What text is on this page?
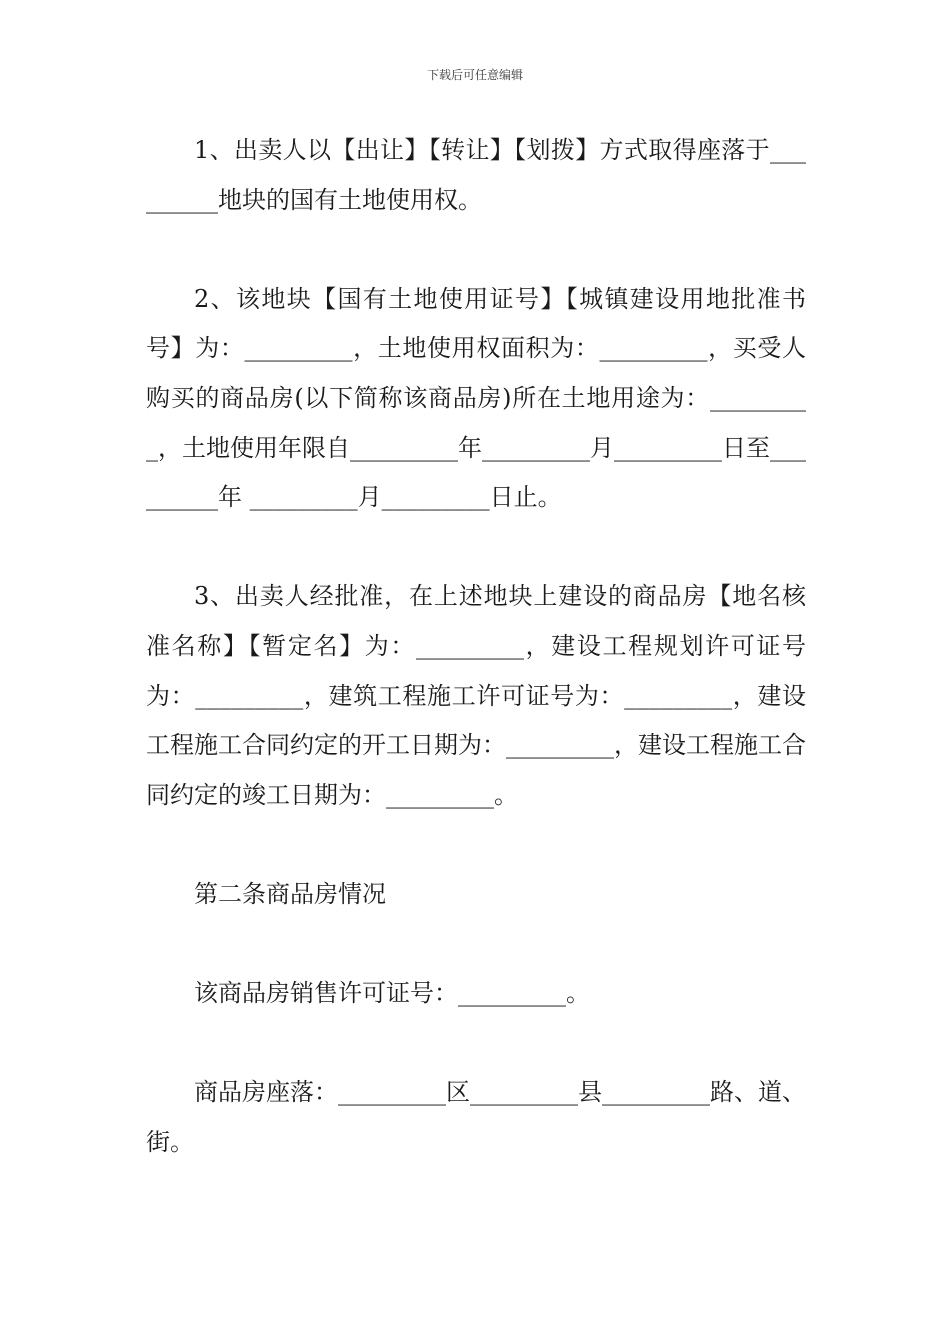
下载后可任意编辑

1、出卖人以【出让】【转让】【划拨】方式取得座落于_________地块的国有土地使用权。

2、该地块【国有土地使用证号】【城镇建设用地批准书号】为：_________，土地使用权面积为：_________，买受人购买的商品房(以下简称该商品房)所在土地用途为：_________，土地使用年限自_________年_________月_________日至_________年 _________月_________日止。

3、出卖人经批准，在上述地块上建设的商品房【地名核准名称】【暂定名】为：_________，建设工程规划许可证号为：_________，建筑工程施工许可证号为：_________，建设工程施工合同约定的开工日期为：_________，建设工程施工合同约定的竣工日期为：_________。

第二条商品房情况

该商品房销售许可证号：_________。

商品房座落：_________区_________县_________路、道、街。
